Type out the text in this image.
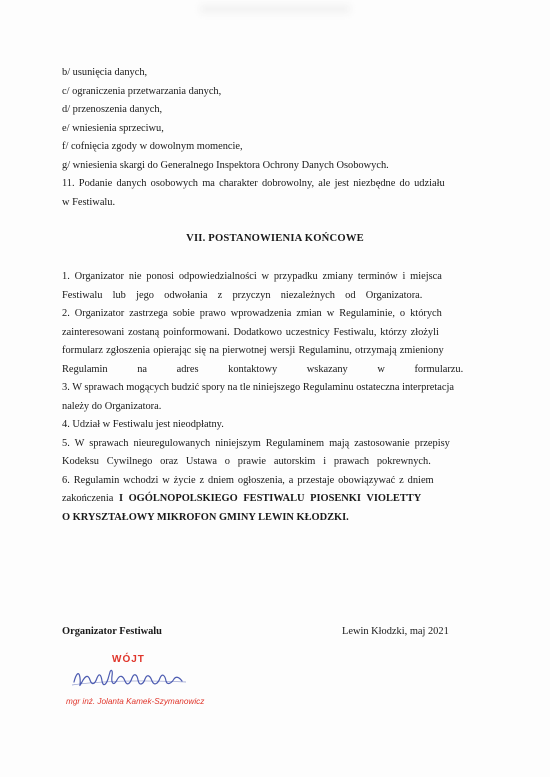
b/ usunięcia danych,
c/ ograniczenia przetwarzania danych,
d/ przenoszenia danych,
e/ wniesienia sprzeciwu,
f/ cofnięcia zgody w dowolnym momencie,
g/ wniesienia skargi do Generalnego Inspektora Ochrony Danych Osobowych.
11. Podanie danych osobowych ma charakter dobrowolny, ale jest niezbędne do udziału
w Festiwalu.
VII. POSTANOWIENIA KOŃCOWE
1. Organizator nie ponosi odpowiedzialności w przypadku zmiany terminów i miejsca
Festiwalu lub jego odwołania z przyczyn niezależnych od Organizatora.
2. Organizator zastrzega sobie prawo wprowadzenia zmian w Regulaminie, o których
zainteresowani zostaną poinformowani. Dodatkowo uczestnicy Festiwalu, którzy złożyli
formularz zgłoszenia opierając się na pierwotnej wersji Regulaminu, otrzymają zmieniony
Regulamin na adres kontaktowy wskazany w formularzu.
3. W sprawach mogących budzić spory na tle niniejszego Regulaminu ostateczna interpretacja
należy do Organizatora.
4. Udział w Festiwalu jest nieodpłatny.
5. W sprawach nieuregulowanych niniejszym Regulaminem mają zastosowanie przepisy
Kodeksu Cywilnego oraz Ustawa o prawie autorskim i prawach pokrewnych.
6. Regulamin wchodzi w życie z dniem ogłoszenia, a przestaje obowiązywać z dniem
zakończenia I OGÓLNOPOLSKIEGO FESTIWALU PIOSENKI VIOLETTY
O KRYSZTAŁOWY MIKROFON GMINY LEWIN KŁODZKI.
Organizator Festiwalu	Lewin Kłodzki, maj 2021
WÓJT
mgr inż. Jolanta Kamek-Szymanowicz
